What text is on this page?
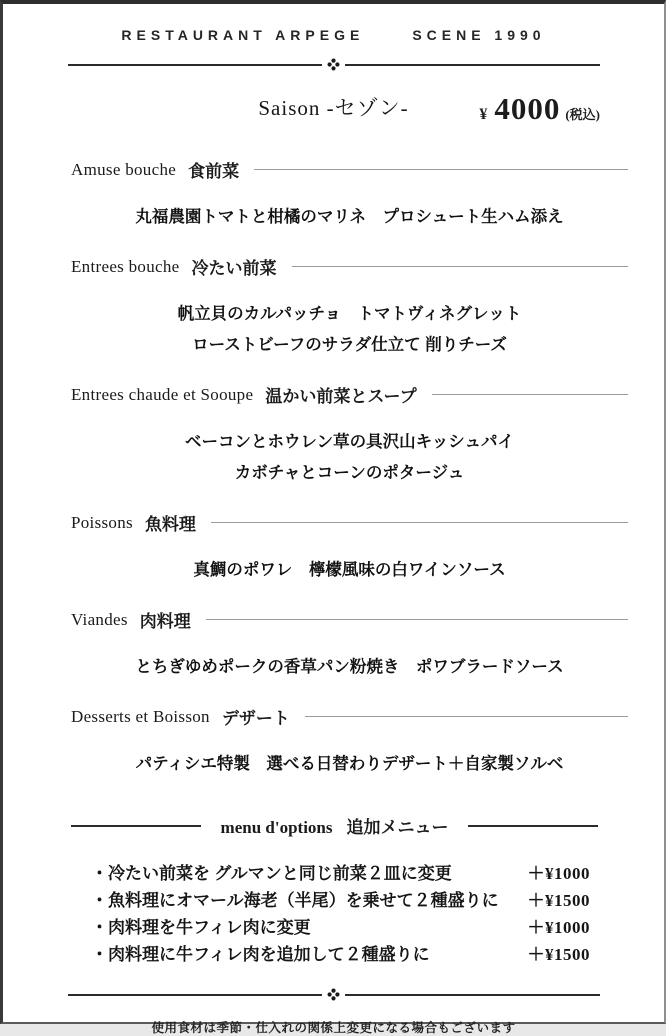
RESTAURANT ARPEGE	SCENE 1990
Saison -セゾン-	¥ 4000 (税込)
Amuse bouche 食前菜
丸福農園トマトと柑橘のマリネ　プロシュート生ハム添え
Entrees bouche 冷たい前菜
帆立貝のカルパッチョ　トマトヴィネグレット
ローストビーフのサラダ仕立て 削りチーズ
Entrees chaude et Sooupe 温かい前菜とスープ
ベーコンとホウレン草の具沢山キッシュパイ
カボチャとコーンのポタージュ
Poissons 魚料理
真鯛のポワレ　檸檬風味の白ワインソース
Viandes 肉料理
とちぎゆめポークの香草パン粉焼き　ポワブラードソース
Desserts et Boisson デザート
パティシエ特製　選べる日替わりデザート＋自家製ソルベ
menu d'options 追加メニュー
・冷たい前菜を グルマンと同じ前菜２皿に変更	＋¥1000
・魚料理にオマール海老（半尾）を乗せて２種盛りに ＋¥1500
・肉料理を牛フィレ肉に変更	＋¥1000
・肉料理に牛フィレ肉を追加して２種盛りに	＋¥1500
使用食材は季節・仕入れの関係上変更になる場合もございます
